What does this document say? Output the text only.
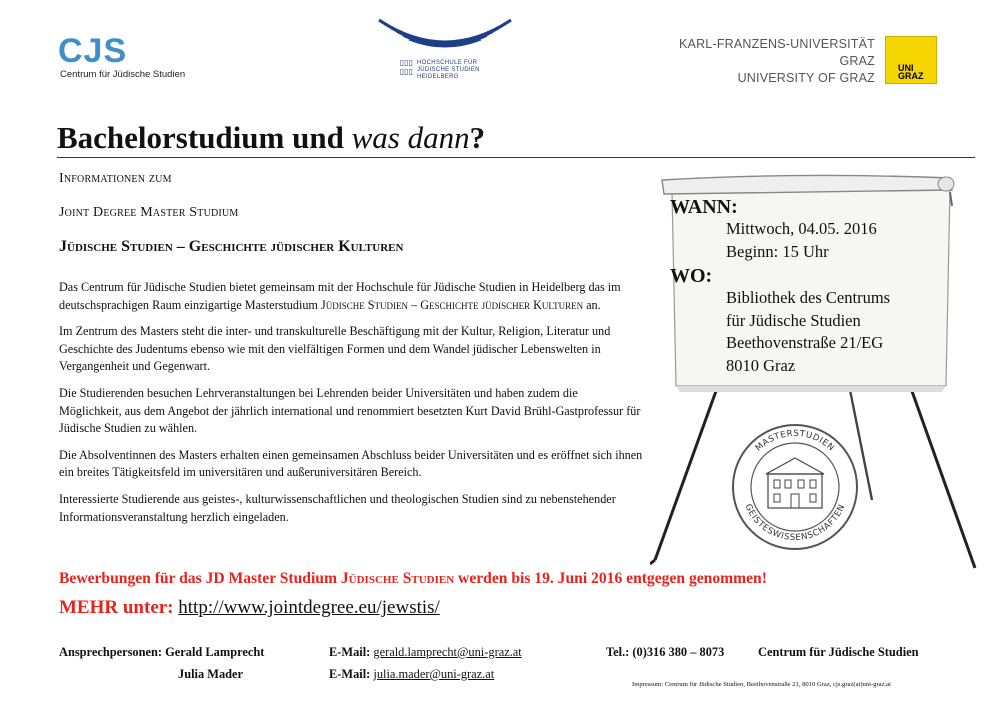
CJS
Centrum für Jüdische Studien
▯▯▯
▯▯▯
HOCHSCHULE FÜR
JÜDISCHE STUDIEN
HEIDELBERG
KARL-FRANZENS-UNIVERSITÄT GRAZ
UNIVERSITY OF GRAZ
UNI
GRAZ
Bachelorstudium und was dann?
Informationen zum
Joint Degree Master Studium
Jüdische Studien – Geschichte jüdischer Kulturen

Das Centrum für Jüdische Studien bietet gemeinsam mit der Hochschule für Jüdische Studien in Heidelberg das im deutschsprachigen Raum einzigartige Masterstudium Jüdische Studien – Geschichte jüdischer Kulturen an.

Im Zentrum des Masters steht die inter- und transkulturelle Beschäftigung mit der Kultur, Religion, Literatur und Geschichte des Judentums ebenso wie mit den vielfältigen Formen und dem Wandel jüdischer Lebenswelten in Vergangenheit und Gegenwart.

Die Studierenden besuchen Lehrveranstaltungen bei Lehrenden beider Universitäten und haben zudem die Möglichkeit, aus dem Angebot der jährlich international und renommiert besetzten Kurt David Brühl-Gastprofessur für Jüdische Studien zu wählen.

Die Absolventinnen des Masters erhalten einen gemeinsamen Abschluss beider Universitäten und es eröffnet sich ihnen ein breites Tätigkeitsfeld im universitären und außeruniversitären Bereich.

Interessierte Studierende aus geistes-, kulturwissenschaftlichen und theologischen Studien sind zu nebenstehender Informationsveranstaltung herzlich eingeladen.

WANN:
Mittwoch, 04.05. 2016
Beginn: 15 Uhr
WO:
Bibliothek des Centrums
für Jüdische Studien
Beethovenstraße 21/EG
8010 Graz
MASTERSTUDIEN
GEISTESWISSENSCHAFTEN
Bewerbungen für das JD Master Studium Jüdische Studien werden bis 19. Juni 2016 entgegen genommen!
MEHR unter: http://www.jointdegree.eu/jewstis/
Ansprechpersonen: Gerald Lamprecht
Julia Mader
E-Mail: gerald.lamprecht@uni-graz.at
E-Mail: julia.mader@uni-graz.at
Tel.: (0)316 380 – 8073	Centrum für Jüdische Studien
Impressum: Centrum für Jüdische Studien, Beethovenstraße 21, 8010 Graz, cjs.graz(at)uni-graz.at
